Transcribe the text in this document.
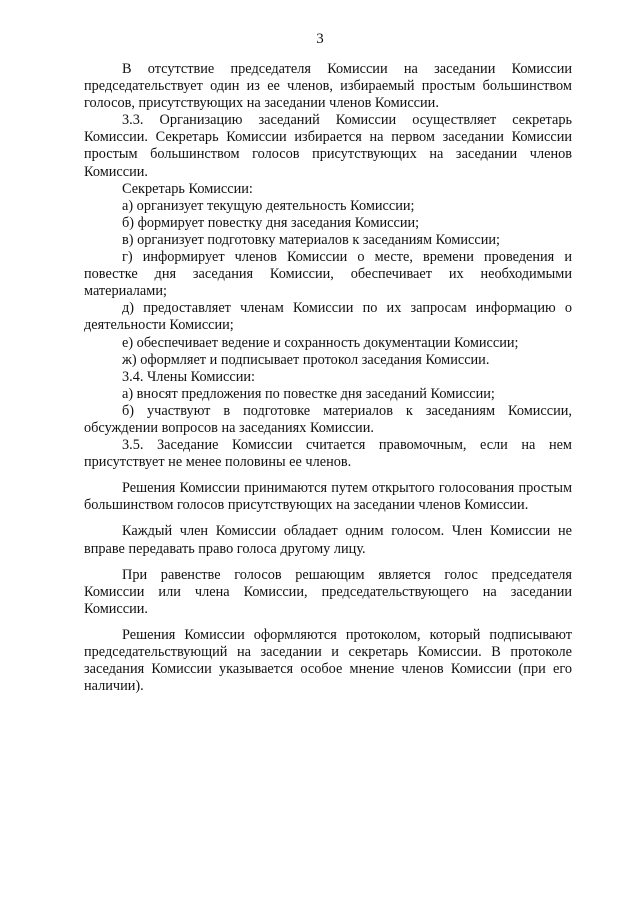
3

В отсутствие председателя Комиссии на заседании Комиссии председательствует один из ее членов, избираемый простым большинством голосов, присутствующих на заседании членов Комиссии.

3.3. Организацию заседаний Комиссии осуществляет секретарь Комиссии. Секретарь Комиссии избирается на первом заседании Комиссии простым большинством голосов присутствующих на заседании членов Комиссии.

Секретарь Комиссии:

а) организует текущую деятельность Комиссии;

б) формирует повестку дня заседания Комиссии;

в) организует подготовку материалов к заседаниям Комиссии;

г) информирует членов Комиссии о месте, времени проведения и повестке дня заседания Комиссии, обеспечивает их необходимыми материалами;

д) предоставляет членам Комиссии по их запросам информацию о деятельности Комиссии;

е) обеспечивает ведение и сохранность документации Комиссии;

ж) оформляет и подписывает протокол заседания Комиссии.

3.4. Члены Комиссии:

а) вносят предложения по повестке дня заседаний Комиссии;

б) участвуют в подготовке материалов к заседаниям Комиссии, обсуждении вопросов на заседаниях Комиссии.

3.5. Заседание Комиссии считается правомочным, если на нем присутствует не менее половины ее членов.

Решения Комиссии принимаются путем открытого голосования простым большинством голосов присутствующих на заседании членов Комиссии.

Каждый член Комиссии обладает одним голосом. Член Комиссии не вправе передавать право голоса другому лицу.

При равенстве голосов решающим является голос председателя Комиссии или члена Комиссии, председательствующего на заседании Комиссии.

Решения Комиссии оформляются протоколом, который подписывают председательствующий на заседании и секретарь Комиссии. В протоколе заседания Комиссии указывается особое мнение членов Комиссии (при его наличии).
